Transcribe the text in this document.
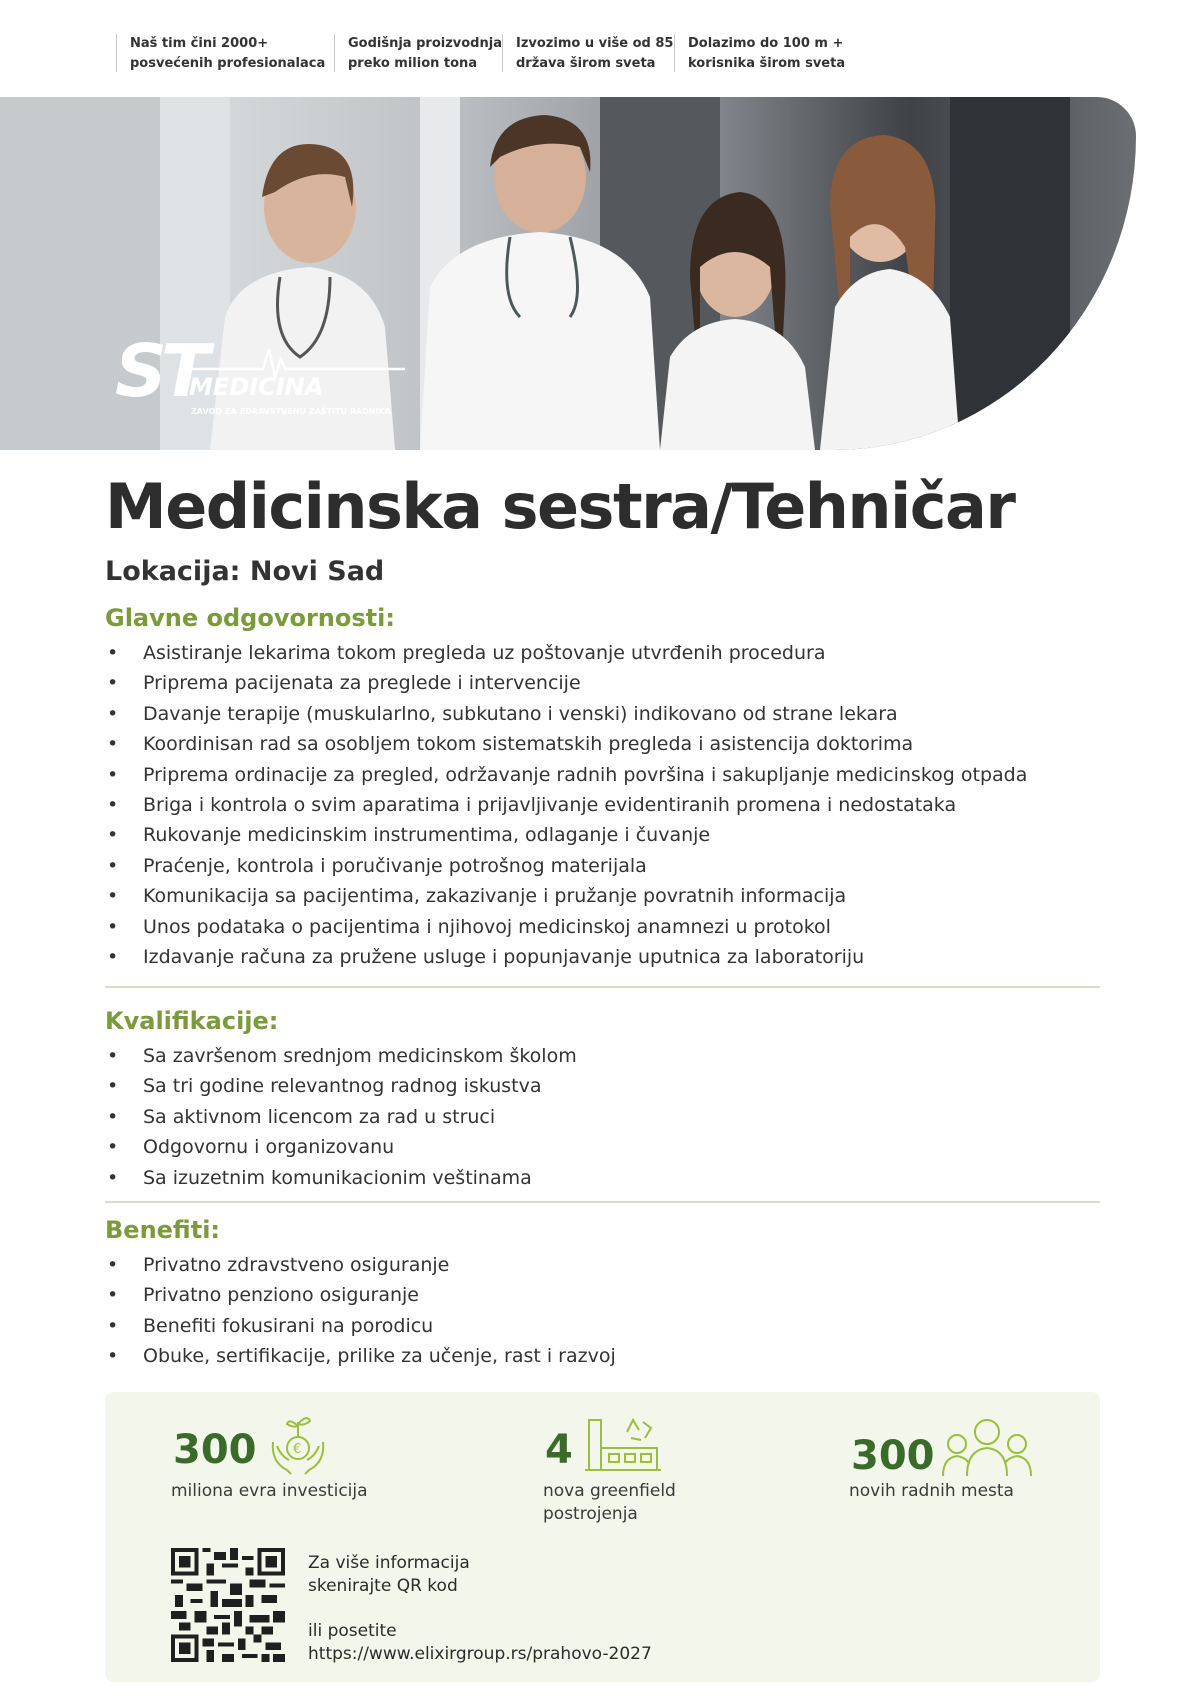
Naš tim čini 2000+
posvećenih profesionalaca
Godišnja proizvodnja
preko milion tona
Izvozimo u više od 85
država širom sveta
Dolazimo do 100 m +
korisnika širom sveta
ST
MEDICINA
ZAVOD ZA ZDRAVSTVENU ZAŠTITU RADNIKA
Medicinska sestra/Tehničar
Lokacija: Novi Sad
Glavne odgovornosti:
• Asistiranje lekarima tokom pregleda uz poštovanje utvrđenih procedura
• Priprema pacijenata za preglede i intervencije
• Davanje terapije (muskularlno, subkutano i venski) indikovano od strane lekara
• Koordinisan rad sa osobljem tokom sistematskih pregleda i asistencija doktorima
• Priprema ordinacije za pregled, održavanje radnih površina i sakupljanje medicinskog otpada
• Briga i kontrola o svim aparatima i prijavljivanje evidentiranih promena i nedostataka
• Rukovanje medicinskim instrumentima, odlaganje i čuvanje
• Praćenje, kontrola i poručivanje potrošnog materijala
• Komunikacija sa pacijentima, zakazivanje i pružanje povratnih informacija
• Unos podataka o pacijentima i njihovoj medicinskoj anamnezi u protokol
• Izdavanje računa za pružene usluge i popunjavanje uputnica za laboratoriju
Kvalifikacije:
• Sa završenom srednjom medicinskom školom
• Sa tri godine relevantnog radnog iskustva
• Sa aktivnom licencom za rad u struci
• Odgovornu i organizovanu
• Sa izuzetnim komunikacionim veštinama
Benefiti:
• Privatno zdravstveno osiguranje
• Privatno penziono osiguranje
• Benefiti fokusirani na porodicu
• Obuke, sertifikacije, prilike za učenje, rast i razvoj
300	€
miliona evra investicija
4
nova greenfield
postrojenja
300
novih radnih mesta
Za više informacija
skenirajte QR kod
ili posetite
https://www.elixirgroup.rs/prahovo-2027
